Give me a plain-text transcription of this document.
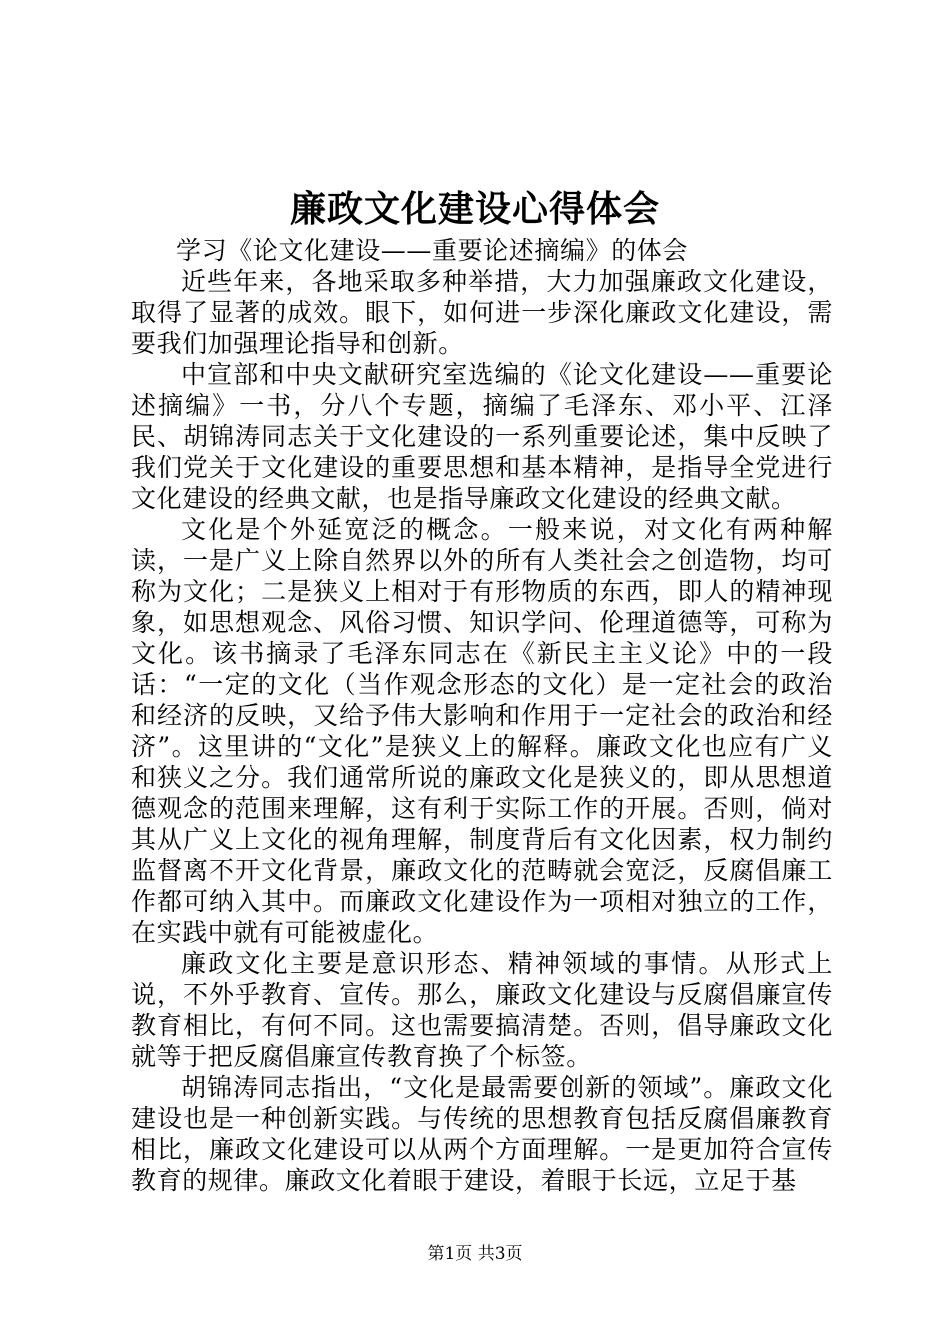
廉政文化建设心得体会

学习《论文化建设——重要论述摘编》的体会

近些年来，各地采取多种举措，大力加强廉政文化建设，取得了显著的成效。眼下，如何进一步深化廉政文化建设，需要我们加强理论指导和创新。

中宣部和中央文献研究室选编的《论文化建设——重要论述摘编》一书，分八个专题，摘编了毛泽东、邓小平、江泽民、胡锦涛同志关于文化建设的一系列重要论述，集中反映了我们党关于文化建设的重要思想和基本精神，是指导全党进行文化建设的经典文献，也是指导廉政文化建设的经典文献。

文化是个外延宽泛的概念。一般来说，对文化有两种解读，一是广义上除自然界以外的所有人类社会之创造物，均可称为文化；二是狭义上相对于有形物质的东西，即人的精神现象，如思想观念、风俗习惯、知识学问、伦理道德等，可称为文化。该书摘录了毛泽东同志在《新民主主义论》中的一段话：“一定的文化（当作观念形态的文化）是一定社会的政治和经济的反映，又给予伟大影响和作用于一定社会的政治和经济”。这里讲的“文化”是狭义上的解释。廉政文化也应有广义和狭义之分。我们通常所说的廉政文化是狭义的，即从思想道德观念的范围来理解，这有利于实际工作的开展。否则，倘对其从广义上文化的视角理解，制度背后有文化因素，权力制约监督离不开文化背景，廉政文化的范畴就会宽泛，反腐倡廉工作都可纳入其中。而廉政文化建设作为一项相对独立的工作，在实践中就有可能被虚化。

廉政文化主要是意识形态、精神领域的事情。从形式上说，不外乎教育、宣传。那么，廉政文化建设与反腐倡廉宣传教育相比，有何不同。这也需要搞清楚。否则，倡导廉政文化就等于把反腐倡廉宣传教育换了个标签。

胡锦涛同志指出，“文化是最需要创新的领域”。廉政文化建设也是一种创新实践。与传统的思想教育包括反腐倡廉教育相比，廉政文化建设可以从两个方面理解。一是更加符合宣传教育的规律。廉政文化着眼于建设，着眼于长远，立足于基

第1页 共3页
